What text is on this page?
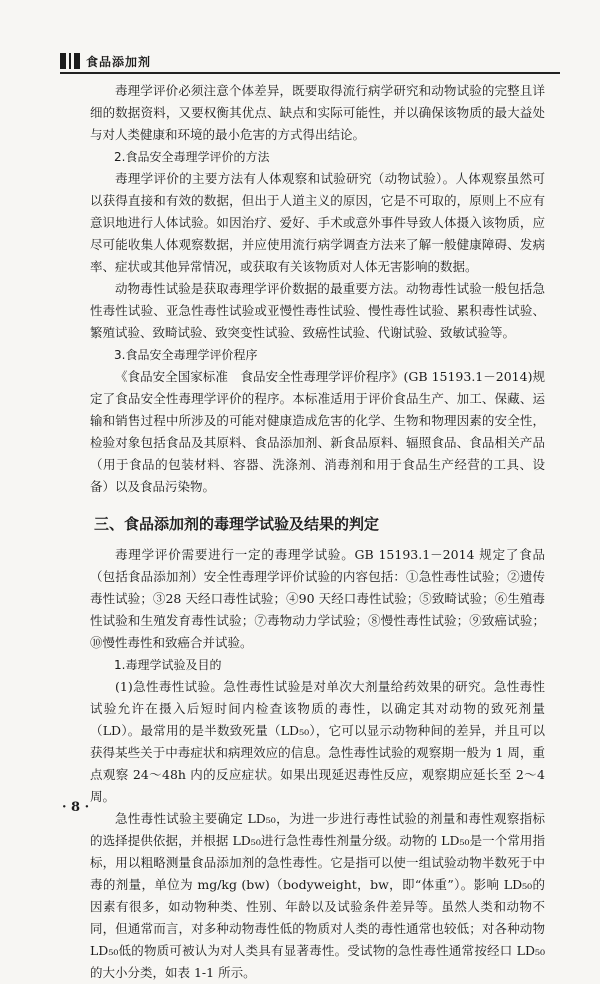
食品添加剂

毒理学评价必须注意个体差异，既要取得流行病学研究和动物试验的完整且详细的数据资料，又要权衡其优点、缺点和实际可能性，并以确保该物质的最大益处与对人类健康和环境的最小危害的方式得出结论。

2.食品安全毒理学评价的方法

毒理学评价的主要方法有人体观察和试验研究（动物试验）。人体观察虽然可以获得直接和有效的数据，但出于人道主义的原因，它是不可取的，原则上不应有意识地进行人体试验。如因治疗、爱好、手术或意外事件导致人体摄入该物质，应尽可能收集人体观察数据，并应使用流行病学调查方法来了解一般健康障碍、发病率、症状或其他异常情况，或获取有关该物质对人体无害影响的数据。

动物毒性试验是获取毒理学评价数据的最重要方法。动物毒性试验一般包括急性毒性试验、亚急性毒性试验或亚慢性毒性试验、慢性毒性试验、累积毒性试验、繁殖试验、致畸试验、致突变性试验、致癌性试验、代谢试验、致敏试验等。

3.食品安全毒理学评价程序

《食品安全国家标准　食品安全性毒理学评价程序》(GB 15193.1－2014)规定了食品安全性毒理学评价的程序。本标准适用于评价食品生产、加工、保藏、运输和销售过程中所涉及的可能对健康造成危害的化学、生物和物理因素的安全性，检验对象包括食品及其原料、食品添加剂、新食品原料、辐照食品、食品相关产品（用于食品的包装材料、容器、洗涤剂、消毒剂和用于食品生产经营的工具、设备）以及食品污染物。

三、食品添加剂的毒理学试验及结果的判定

毒理学评价需要进行一定的毒理学试验。GB 15193.1－2014 规定了食品（包括食品添加剂）安全性毒理学评价试验的内容包括：①急性毒性试验；②遗传毒性试验；③28 天经口毒性试验；④90 天经口毒性试验；⑤致畸试验；⑥生殖毒性试验和生殖发育毒性试验；⑦毒物动力学试验；⑧慢性毒性试验；⑨致癌试验；⑩慢性毒性和致癌合并试验。

1.毒理学试验及目的

(1)急性毒性试验。急性毒性试验是对单次大剂量给药效果的研究。急性毒性试验允许在摄入后短时间内检查该物质的毒性，以确定其对动物的致死剂量（LD）。最常用的是半数致死量（LD₅₀），它可以显示动物种间的差异，并且可以获得某些关于中毒症状和病理效应的信息。急性毒性试验的观察期一般为 1 周，重点观察 24～48h 内的反应症状。如果出现延迟毒性反应，观察期应延长至 2～4 周。

急性毒性试验主要确定 LD₅₀，为进一步进行毒性试验的剂量和毒性观察指标的选择提供依据，并根据 LD₅₀进行急性毒性剂量分级。动物的 LD₅₀是一个常用指标，用以粗略测量食品添加剂的急性毒性。它是指可以使一组试验动物半数死于中毒的剂量，单位为 mg/kg (bw)（bodyweight，bw，即“体重”）。影响 LD₅₀的因素有很多，如动物种类、性别、年龄以及试验条件差异等。虽然人类和动物不同，但通常而言，对多种动物毒性低的物质对人类的毒性通常也较低；对各种动物 LD₅₀低的物质可被认为对人类具有显著毒性。受试物的急性毒性通常按经口 LD₅₀的大小分类，如表 1-1 所示。

· 8 ·
